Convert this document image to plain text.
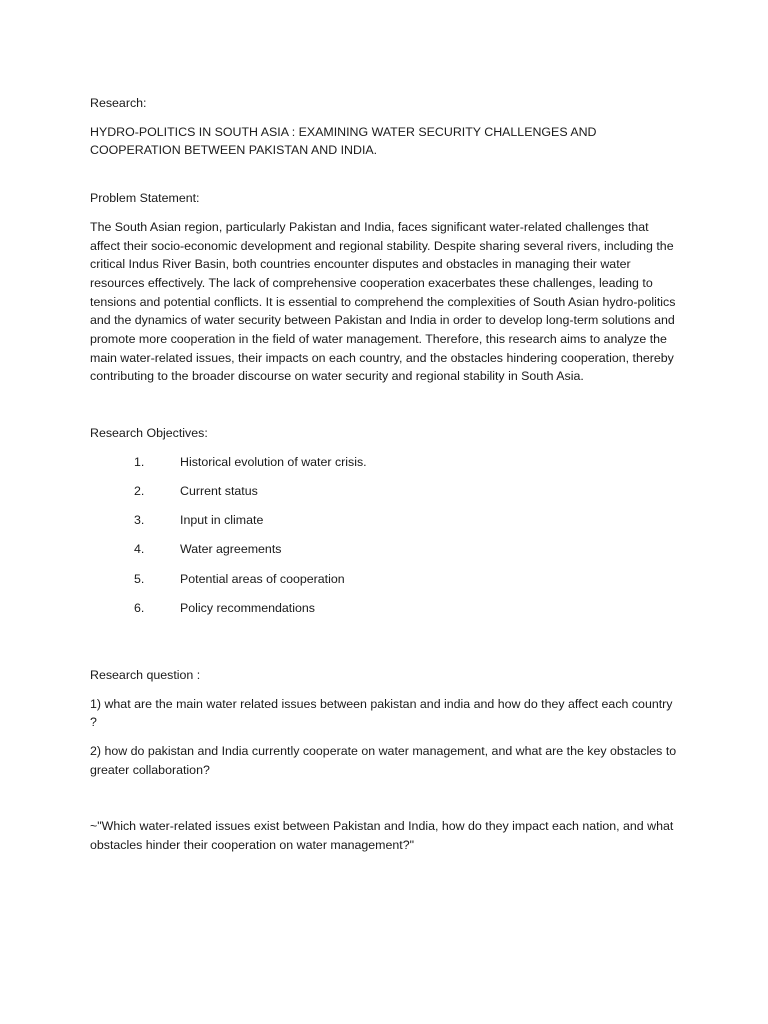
Research:

HYDRO-POLITICS IN SOUTH ASIA : EXAMINING WATER SECURITY CHALLENGES AND COOPERATION BETWEEN PAKISTAN AND INDIA.

Problem Statement:

The South Asian region, particularly Pakistan and India, faces significant water-related challenges that affect their socio-economic development and regional stability. Despite sharing several rivers, including the critical Indus River Basin, both countries encounter disputes and obstacles in managing their water resources effectively. The lack of comprehensive cooperation exacerbates these challenges, leading to tensions and potential conflicts. It is essential to comprehend the complexities of South Asian hydro-politics and the dynamics of water security between Pakistan and India in order to develop long-term solutions and promote more cooperation in the field of water management. Therefore, this research aims to analyze the main water-related issues, their impacts on each country, and the obstacles hindering cooperation, thereby contributing to the broader discourse on water security and regional stability in South Asia.

Research Objectives:

1.	Historical evolution of water crisis.
2.	Current status
3.	Input in climate
4.	Water agreements
5.	Potential areas of cooperation
6.	Policy recommendations

Research question :

1) what are the main water related issues between pakistan and india and how do they affect each country ?

2) how do pakistan and India currently cooperate on water management, and what are the key obstacles to greater collaboration?

~"Which water-related issues exist between Pakistan and India, how do they impact each nation, and what obstacles hinder their cooperation on water management?"
